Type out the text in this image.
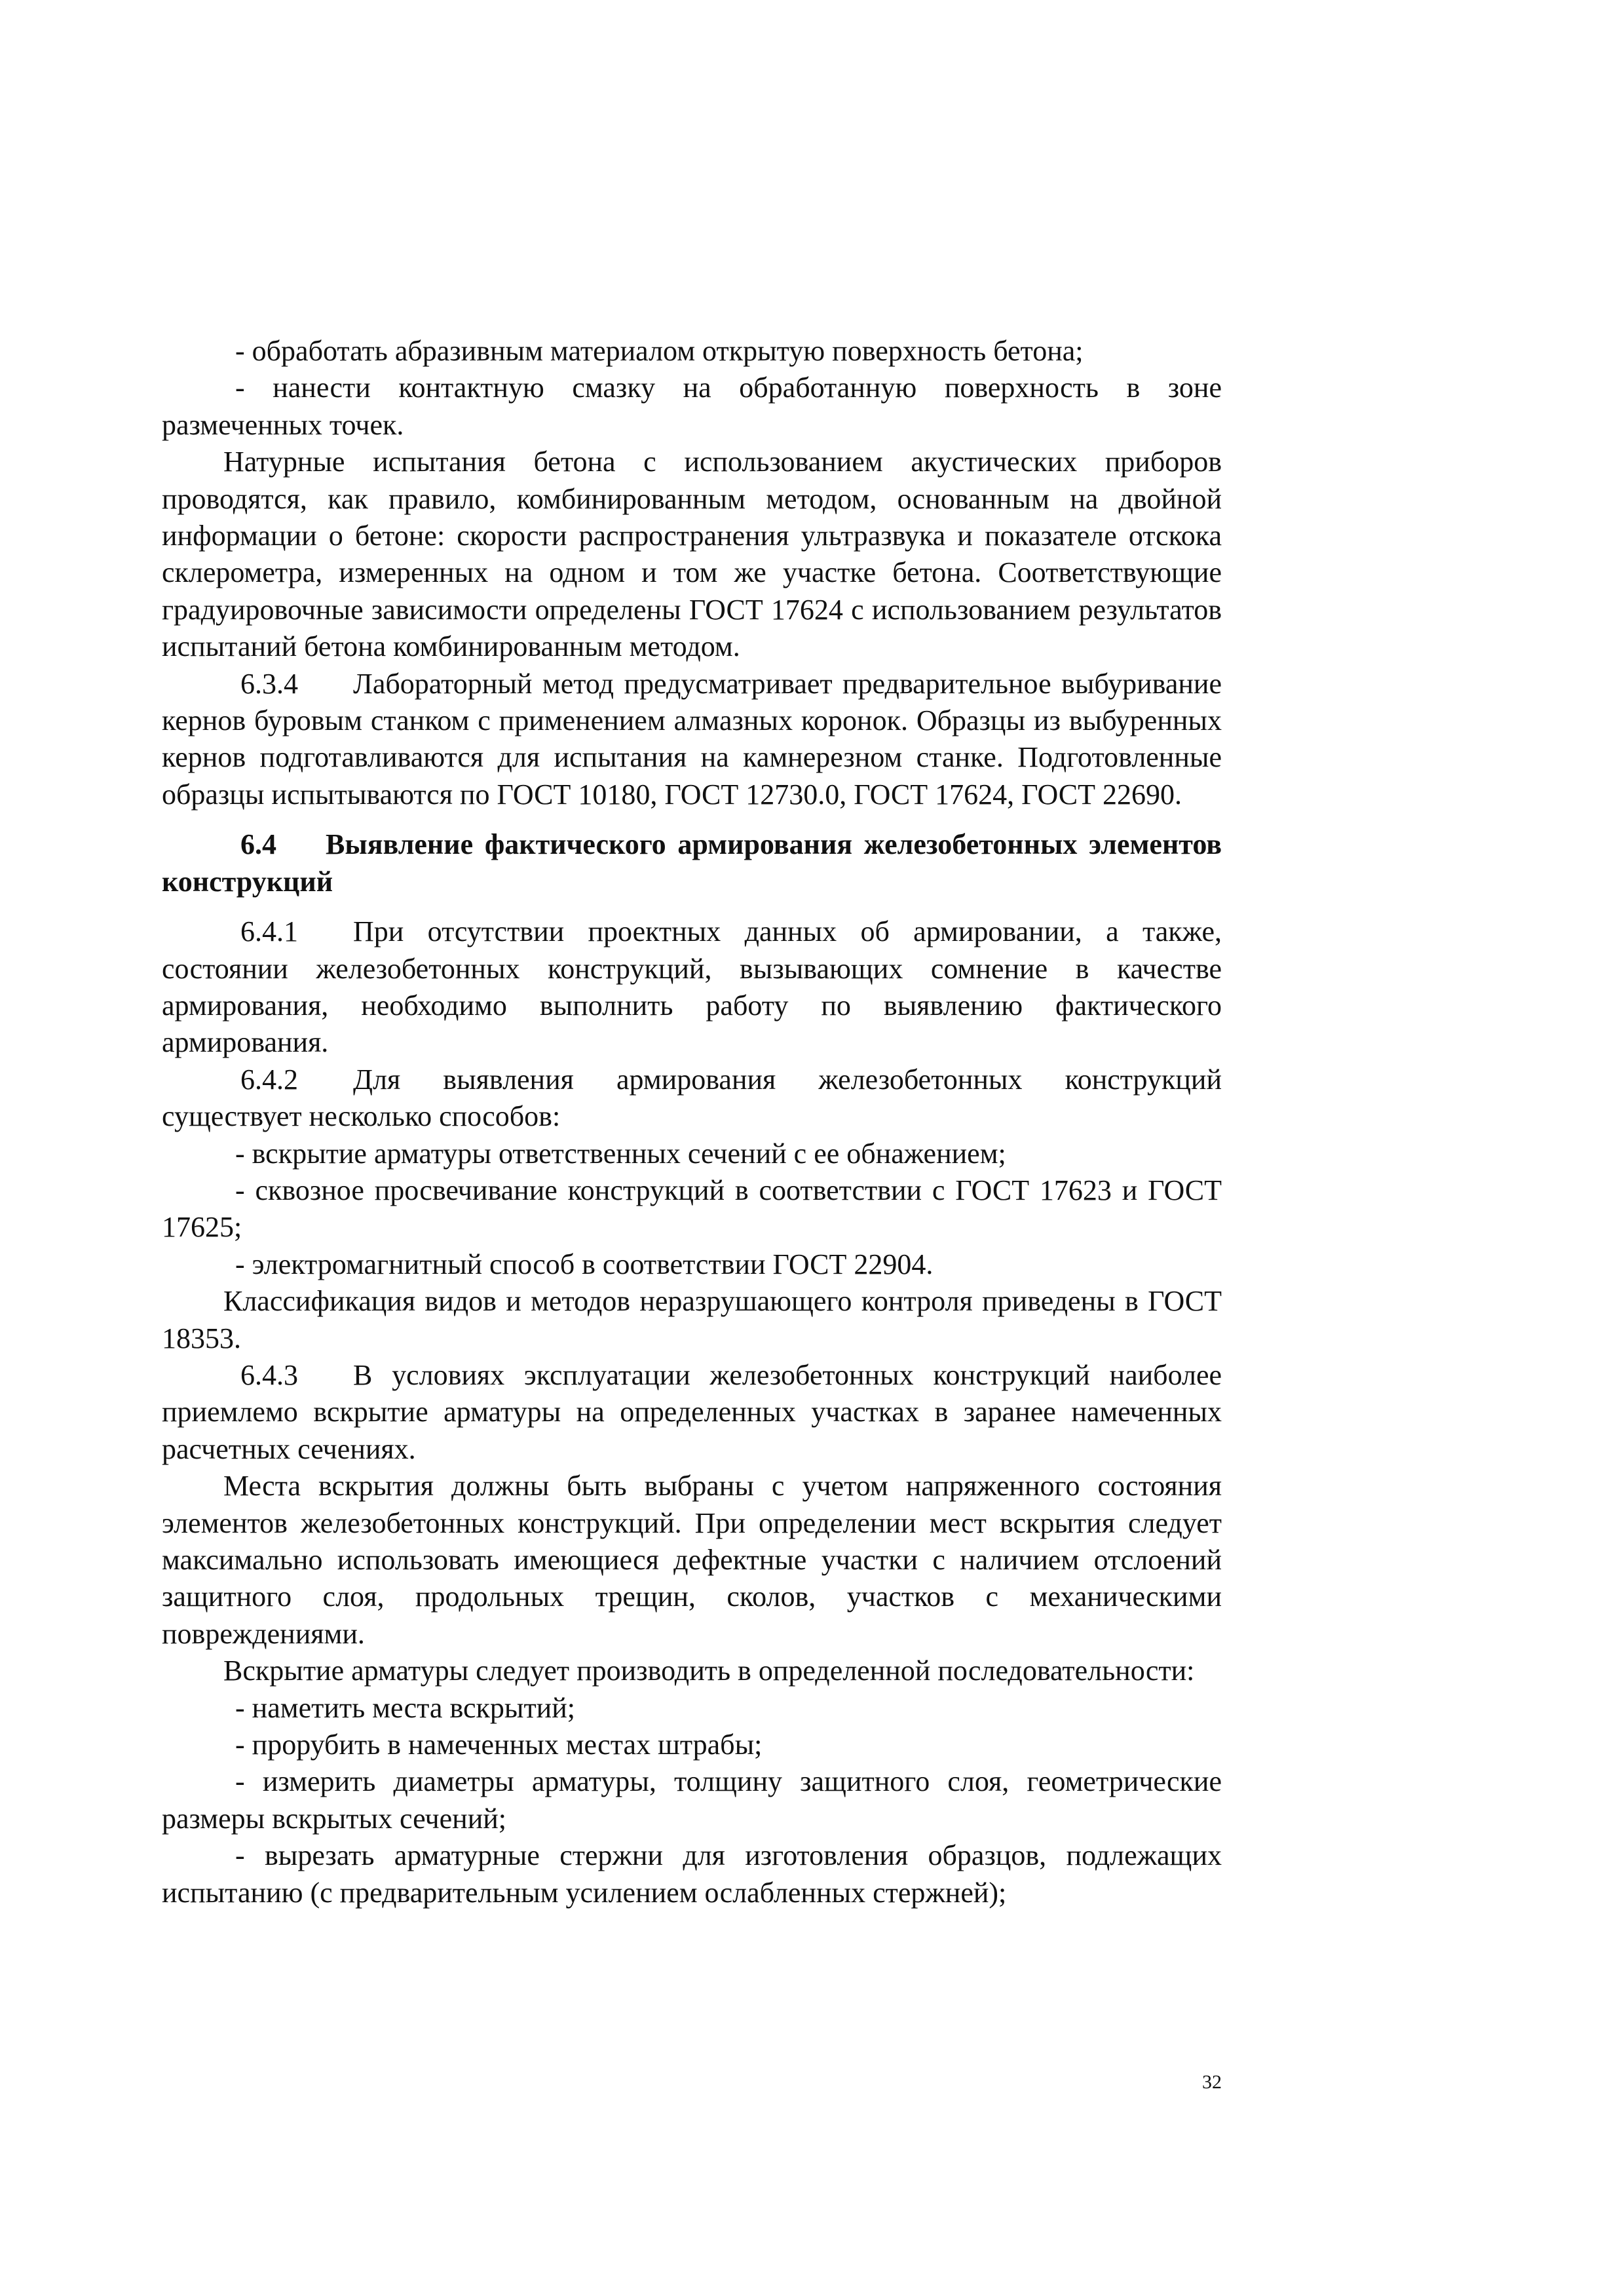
- обработать абразивным материалом открытую поверхность бетона;

- нанести контактную смазку на обработанную поверхность в зоне размеченных точек.

Натурные испытания бетона с использованием акустических приборов проводятся, как правило, комбинированным методом, основанным на двойной информации о бетоне: скорости распространения ультразвука и показателе отскока склерометра, измеренных на одном и том же участке бетона. Соответствующие градуировочные зависимости определены ГОСТ 17624 с использованием результатов испытаний бетона комбинированным методом.

6.3.4 Лабораторный метод предусматривает предварительное выбуривание кернов буровым станком с применением алмазных коронок. Образцы из выбуренных кернов подготавливаются для испытания на камнерезном станке. Подготовленные образцы испытываются по ГОСТ 10180, ГОСТ 12730.0, ГОСТ 17624, ГОСТ 22690.

6.4 Выявление фактического армирования железобетонных элементов конструкций

6.4.1 При отсутствии проектных данных об армировании, а также, состоянии железобетонных конструкций, вызывающих сомнение в качестве армирования, необходимо выполнить работу по выявлению фактического армирования.

6.4.2 Для выявления армирования железобетонных конструкций существует несколько способов:

- вскрытие арматуры ответственных сечений с ее обнажением;

- сквозное просвечивание конструкций в соответствии с ГОСТ 17623 и ГОСТ 17625;

- электромагнитный способ в соответствии ГОСТ 22904.

Классификация видов и методов неразрушающего контроля приведены в ГОСТ 18353.

6.4.3 В условиях эксплуатации железобетонных конструкций наиболее приемлемо вскрытие арматуры на определенных участках в заранее намеченных расчетных сечениях.

Места вскрытия должны быть выбраны с учетом напряженного состояния элементов железобетонных конструкций. При определении мест вскрытия следует максимально использовать имеющиеся дефектные участки с наличием отслоений защитного слоя, продольных трещин, сколов, участков с механическими повреждениями.

Вскрытие арматуры следует производить в определенной последовательности:

- наметить места вскрытий;

- прорубить в намеченных местах штрабы;

- измерить диаметры арматуры, толщину защитного слоя, геометрические размеры вскрытых сечений;

- вырезать арматурные стержни для изготовления образцов, подлежащих испытанию (с предварительным усилением ослабленных стержней);

32
